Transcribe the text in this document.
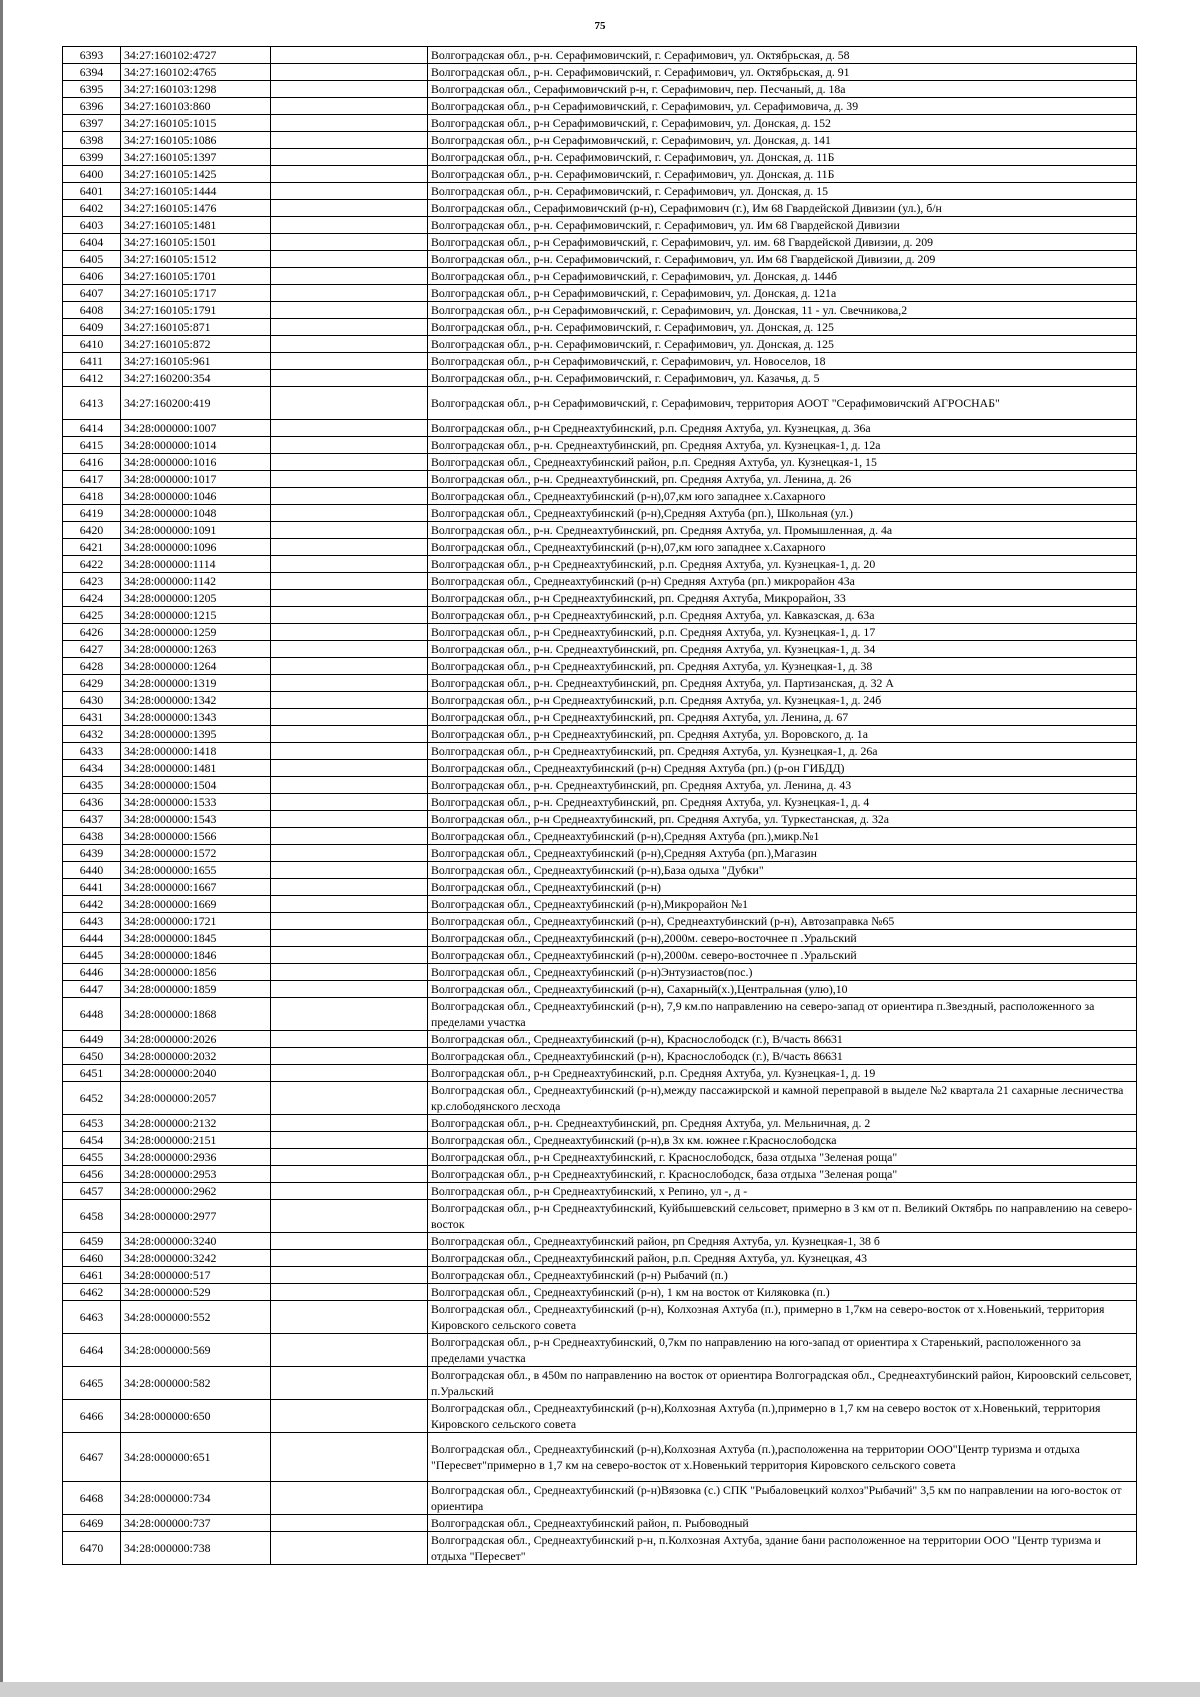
75
6393	34:27:160102:4727		Волгоградская обл., р-н. Серафимовичский, г. Серафимович, ул. Октябрьская, д. 58
6394	34:27:160102:4765		Волгоградская обл., р-н. Серафимовичский, г. Серафимович, ул. Октябрьская, д. 91
6395	34:27:160103:1298		Волгоградская обл., Серафимовичский р-н, г. Серафимович, пер. Песчаный, д. 18а
6396	34:27:160103:860		Волгоградская обл., р-н Серафимовичский, г. Серафимович, ул. Серафимовича, д. 39
6397	34:27:160105:1015		Волгоградская обл., р-н Серафимовичский, г. Серафимович, ул. Донская, д. 152
6398	34:27:160105:1086		Волгоградская обл., р-н Серафимовичский, г. Серафимович, ул. Донская, д. 141
6399	34:27:160105:1397		Волгоградская обл., р-н. Серафимовичский, г. Серафимович, ул. Донская, д. 11Б
6400	34:27:160105:1425		Волгоградская обл., р-н. Серафимовичский, г. Серафимович, ул. Донская, д. 11Б
6401	34:27:160105:1444		Волгоградская обл., р-н. Серафимовичский, г. Серафимович, ул. Донская, д. 15
6402	34:27:160105:1476		Волгоградская обл., Серафимовичский (р-н), Серафимович (г.), Им 68 Гвардейской Дивизии (ул.), б/н
6403	34:27:160105:1481		Волгоградская обл., р-н. Серафимовичский, г. Серафимович, ул. Им 68 Гвардейской Дивизии
6404	34:27:160105:1501		Волгоградская обл., р-н Серафимовичский, г. Серафимович, ул. им. 68 Гвардейской Дивизии, д. 209
6405	34:27:160105:1512		Волгоградская обл., р-н. Серафимовичский, г. Серафимович, ул. Им 68 Гвардейской Дивизии, д. 209
6406	34:27:160105:1701		Волгоградская обл., р-н Серафимовичский, г. Серафимович, ул. Донская, д. 144б
6407	34:27:160105:1717		Волгоградская обл., р-н Серафимовичский, г. Серафимович, ул. Донская, д. 121а
6408	34:27:160105:1791		Волгоградская обл., р-н Серафимовичский, г. Серафимович, ул. Донская, 11 - ул. Свечникова,2
6409	34:27:160105:871		Волгоградская обл., р-н. Серафимовичский, г. Серафимович, ул. Донская, д. 125
6410	34:27:160105:872		Волгоградская обл., р-н. Серафимовичский, г. Серафимович, ул. Донская, д. 125
6411	34:27:160105:961		Волгоградская обл., р-н Серафимовичский, г. Серафимович, ул. Новоселов, 18
6412	34:27:160200:354		Волгоградская обл., р-н. Серафимовичский, г. Серафимович, ул. Казачья, д. 5
6413	34:27:160200:419		Волгоградская обл., р-н Серафимовичский, г. Серафимович, территория АООТ "Серафимовичский АГРОСНАБ"
6414	34:28:000000:1007		Волгоградская обл., р-н Среднеахтубинский, р.п. Средняя Ахтуба, ул. Кузнецкая, д. 36а
6415	34:28:000000:1014		Волгоградская обл., р-н. Среднеахтубинский, рп. Средняя Ахтуба, ул. Кузнецкая-1, д. 12а
6416	34:28:000000:1016		Волгоградская обл., Среднеахтубинский район, р.п. Средняя Ахтуба, ул. Кузнецкая-1, 15
6417	34:28:000000:1017		Волгоградская обл., р-н. Среднеахтубинский, рп. Средняя Ахтуба, ул. Ленина, д. 26
6418	34:28:000000:1046		Волгоградская обл., Среднеахтубинский (р-н),07,км юго западнее х.Сахарного
6419	34:28:000000:1048		Волгоградская обл., Среднеахтубинский (р-н),Средняя Ахтуба (рп.), Школьная (ул.)
6420	34:28:000000:1091		Волгоградская обл., р-н. Среднеахтубинский, рп. Средняя Ахтуба, ул. Промышленная, д. 4а
6421	34:28:000000:1096		Волгоградская обл., Среднеахтубинский (р-н),07,км юго западнее х.Сахарного
6422	34:28:000000:1114		Волгоградская обл., р-н Среднеахтубинский, р.п. Средняя Ахтуба, ул. Кузнецкая-1, д. 20
6423	34:28:000000:1142		Волгоградская обл., Среднеахтубинский (р-н) Средняя Ахтуба (рп.) микрорайон 43а
6424	34:28:000000:1205		Волгоградская обл., р-н Среднеахтубинский, рп. Средняя Ахтуба, Микрорайон, 33
6425	34:28:000000:1215		Волгоградская обл., р-н Среднеахтубинский, р.п. Средняя Ахтуба, ул. Кавказская, д. 63а
6426	34:28:000000:1259		Волгоградская обл., р-н Среднеахтубинский, р.п. Средняя Ахтуба, ул. Кузнецкая-1, д. 17
6427	34:28:000000:1263		Волгоградская обл., р-н. Среднеахтубинский, рп. Средняя Ахтуба, ул. Кузнецкая-1, д. 34
6428	34:28:000000:1264		Волгоградская обл., р-н Среднеахтубинский, рп. Средняя Ахтуба, ул. Кузнецкая-1, д. 38
6429	34:28:000000:1319		Волгоградская обл., р-н. Среднеахтубинский, рп. Средняя Ахтуба, ул. Партизанская, д. 32 А
6430	34:28:000000:1342		Волгоградская обл., р-н Среднеахтубинский, р.п. Средняя Ахтуба, ул. Кузнецкая-1, д. 24б
6431	34:28:000000:1343		Волгоградская обл., р-н Среднеахтубинский, рп. Средняя Ахтуба, ул. Ленина, д. 67
6432	34:28:000000:1395		Волгоградская обл., р-н Среднеахтубинский, рп. Средняя Ахтуба, ул. Воровского, д. 1а
6433	34:28:000000:1418		Волгоградская обл., р-н Среднеахтубинский, рп. Средняя Ахтуба, ул. Кузнецкая-1, д. 26а
6434	34:28:000000:1481		Волгоградская обл., Среднеахтубинский (р-н) Средняя Ахтуба (рп.) (р-он ГИБДД)
6435	34:28:000000:1504		Волгоградская обл., р-н. Среднеахтубинский, рп. Средняя Ахтуба, ул. Ленина, д. 43
6436	34:28:000000:1533		Волгоградская обл., р-н. Среднеахтубинский, рп. Средняя Ахтуба, ул. Кузнецкая-1, д. 4
6437	34:28:000000:1543		Волгоградская обл., р-н Среднеахтубинский, рп. Средняя Ахтуба, ул. Туркестанская, д. 32а
6438	34:28:000000:1566		Волгоградская обл., Среднеахтубинский (р-н),Средняя Ахтуба (рп.),микр.№1
6439	34:28:000000:1572		Волгоградская обл., Среднеахтубинский (р-н),Средняя Ахтуба (рп.),Магазин
6440	34:28:000000:1655		Волгоградская обл., Среднеахтубинский (р-н),База одыха "Дубки"
6441	34:28:000000:1667		Волгоградская обл., Среднеахтубинский (р-н)
6442	34:28:000000:1669		Волгоградская обл., Среднеахтубинский (р-н),Микрорайон №1
6443	34:28:000000:1721		Волгоградская обл., Среднеахтубинский (р-н), Среднеахтубинский (р-н), Автозаправка №65
6444	34:28:000000:1845		Волгоградская обл., Среднеахтубинский (р-н),2000м. северо-восточнее п .Уральский
6445	34:28:000000:1846		Волгоградская обл., Среднеахтубинский (р-н),2000м. северо-восточнее п .Уральский
6446	34:28:000000:1856		Волгоградская обл., Среднеахтубинский (р-н)Энтузиастов(пос.)
6447	34:28:000000:1859		Волгоградская обл., Среднеахтубинский (р-н), Сахарный(х.),Центральная (улю),10
6448	34:28:000000:1868		Волгоградская обл., Среднеахтубинский (р-н), 7,9 км.по направлению на северо-запад от ориентира п.Звездный, расположенного за пределами участка
6449	34:28:000000:2026		Волгоградская обл., Среднеахтубинский (р-н), Краснослободск (г.), В/часть 86631
6450	34:28:000000:2032		Волгоградская обл., Среднеахтубинский (р-н), Краснослободск (г.), В/часть 86631
6451	34:28:000000:2040		Волгоградская обл., р-н Среднеахтубинский, р.п. Средняя Ахтуба, ул. Кузнецкая-1, д. 19
6452	34:28:000000:2057		Волгоградская обл., Среднеахтубинский (р-н),между пассажирской и камной переправой в выделе №2 квартала 21 сахарные лесничества кр.слободянского лесхода
6453	34:28:000000:2132		Волгоградская обл., р-н. Среднеахтубинский, рп. Средняя Ахтуба, ул. Мельничная, д. 2
6454	34:28:000000:2151		Волгоградская обл., Среднеахтубинский (р-н),в 3х км. южнее г.Краснослободска
6455	34:28:000000:2936		Волгоградская обл., р-н Среднеахтубинский, г. Краснослободск, база отдыха "Зеленая роща"
6456	34:28:000000:2953		Волгоградская обл., р-н Среднеахтубинский, г. Краснослободск, база отдыха "Зеленая роща"
6457	34:28:000000:2962		Волгоградская обл., р-н Среднеахтубинский, х Репино, ул -, д -
6458	34:28:000000:2977		Волгоградская обл., р-н Среднеахтубинский, Куйбышевский сельсовет, примерно в 3 км от п. Великий Октябрь по направлению на северо-восток
6459	34:28:000000:3240		Волгоградская обл., Среднеахтубинский район, рп Средняя Ахтуба, ул. Кузнецкая-1, 38 б
6460	34:28:000000:3242		Волгоградская обл., Среднеахтубинский район, р.п. Средняя Ахтуба, ул. Кузнецкая, 43
6461	34:28:000000:517		Волгоградская обл., Среднеахтубинский (р-н) Рыбачий (п.)
6462	34:28:000000:529		Волгоградская обл., Среднеахтубинский (р-н), 1 км на восток от Киляковка (п.)
6463	34:28:000000:552		Волгоградская обл., Среднеахтубинский (р-н), Колхозная Ахтуба (п.), примерно в 1,7км на северо-восток от х.Новенький, территория Кировского сельского совета
6464	34:28:000000:569		Волгоградская обл., р-н Среднеахтубинский, 0,7км по направлению на юго-запад от ориентира х Старенький, расположенного за пределами участка
6465	34:28:000000:582		Волгоградская обл., в 450м по направлению на восток от ориентира Волгоградская обл., Среднеахтубинский район, Кироовский сельсовет, п.Уральский
6466	34:28:000000:650		Волгоградская обл., Среднеахтубинский (р-н),Колхозная Ахтуба (п.),примерно в 1,7 км на северо восток от х.Новенький, территория Кировского сельского совета
6467	34:28:000000:651		Волгоградская обл., Среднеахтубинский (р-н),Колхозная Ахтуба (п.),расположенна на территории ООО"Центр туризма и отдыха "Пересвет"примерно в 1,7 км на северо-восток от х.Новенький территория Кировского сельского совета
6468	34:28:000000:734		Волгоградская обл., Среднеахтубинский (р-н)Вязовка (с.) СПК "Рыбаловецкий колхоз"Рыбачий" 3,5 км по направлении на юго-восток от ориентира
6469	34:28:000000:737		Волгоградская обл., Среднеахтубинский район, п. Рыбоводный
6470	34:28:000000:738		Волгоградская обл., Среднеахтубинский р-н, п.Колхозная Ахтуба, здание бани расположенное на территории ООО "Центр туризма и отдыха "Пересвет"
